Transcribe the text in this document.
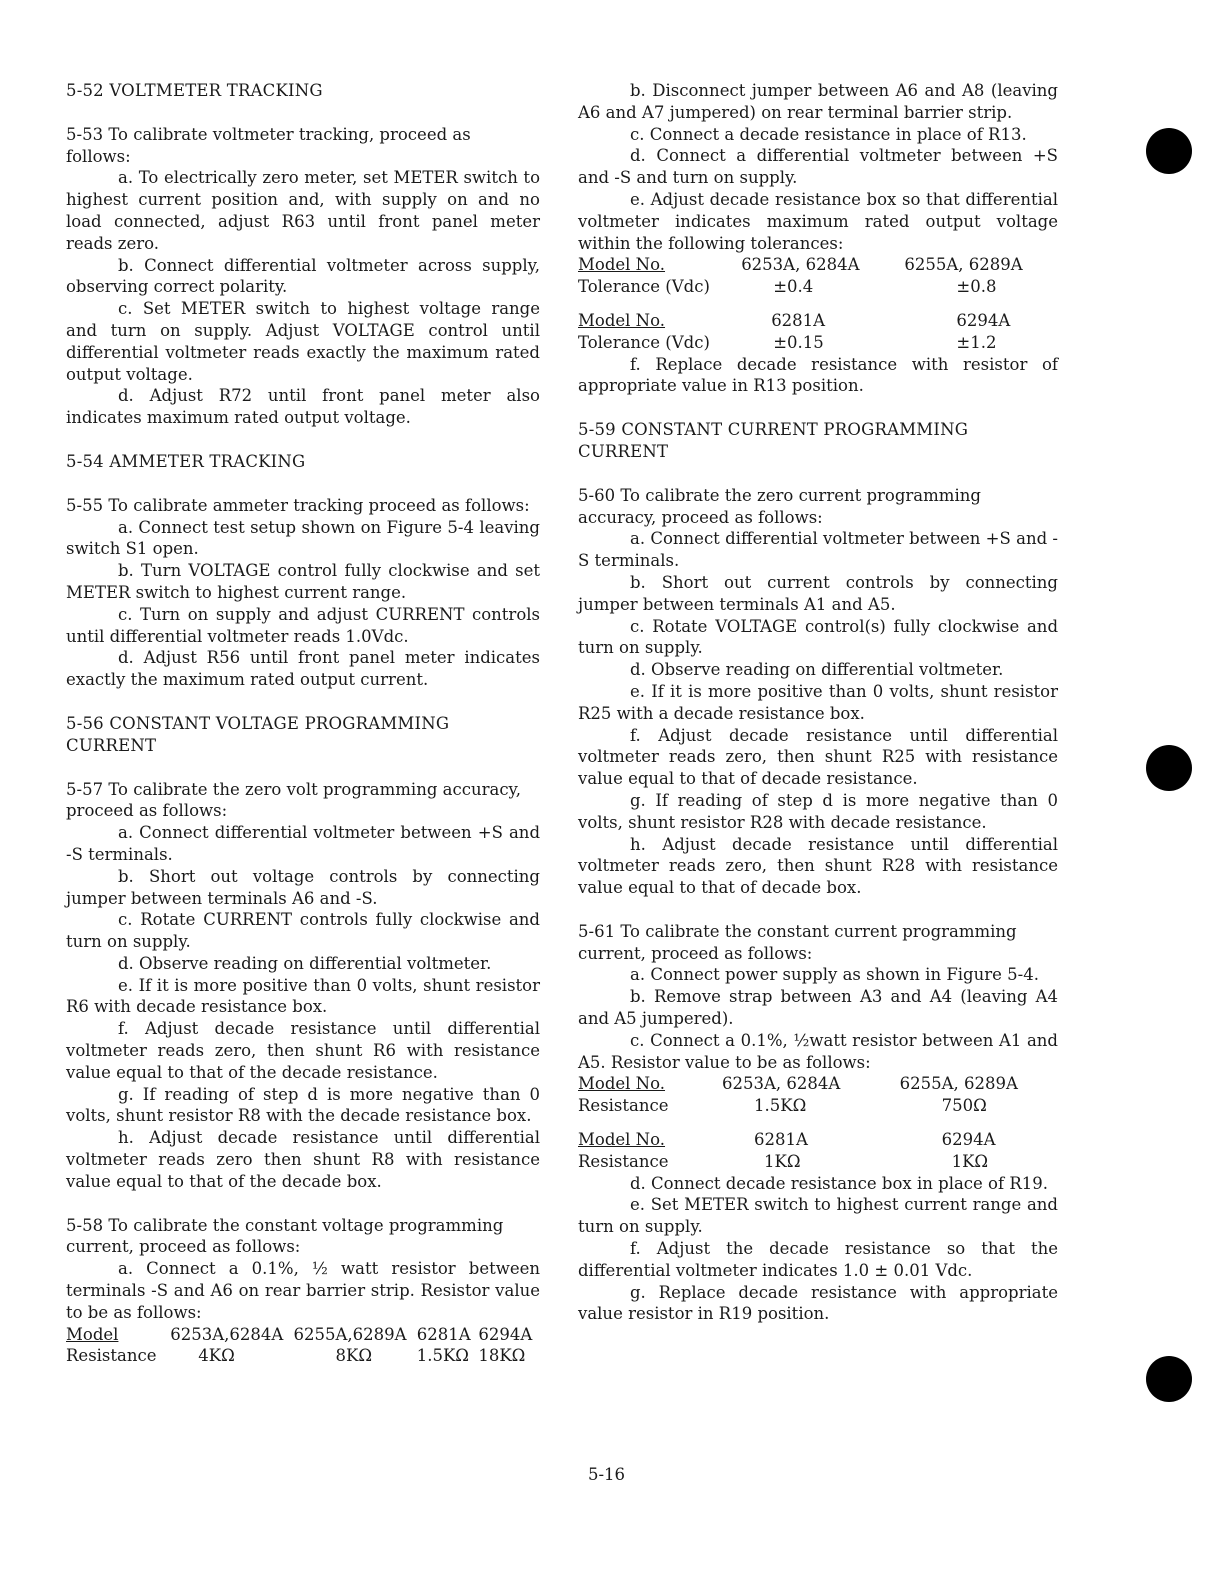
5-52 VOLTMETER TRACKING

5-53 To calibrate voltmeter tracking, proceed as follows:

a. To electrically zero meter, set METER switch to highest current position and, with supply on and no load connected, adjust R63 until front panel meter reads zero.

b. Connect differential voltmeter across supply, observing correct polarity.

c. Set METER switch to highest voltage range and turn on supply. Adjust VOLTAGE control until differential voltmeter reads exactly the maximum rated output voltage.

d. Adjust R72 until front panel meter also indicates maximum rated output voltage.

5-54 AMMETER TRACKING

5-55 To calibrate ammeter tracking proceed as follows:

a. Connect test setup shown on Figure 5-4 leaving switch S1 open.

b. Turn VOLTAGE control fully clockwise and set METER switch to highest current range.

c. Turn on supply and adjust CURRENT controls until differential voltmeter reads 1.0Vdc.

d. Adjust R56 until front panel meter indicates exactly the maximum rated output current.

5-56 CONSTANT VOLTAGE PROGRAMMING CURRENT

5-57 To calibrate the zero volt programming accuracy, proceed as follows:

a. Connect differential voltmeter between +S and -S terminals.

b. Short out voltage controls by connecting jumper between terminals A6 and -S.

c. Rotate CURRENT controls fully clockwise and turn on supply.

d. Observe reading on differential voltmeter.

e. If it is more positive than 0 volts, shunt resistor R6 with decade resistance box.

f. Adjust decade resistance until differential voltmeter reads zero, then shunt R6 with resistance value equal to that of the decade resistance.

g. If reading of step d is more negative than 0 volts, shunt resistor R8 with the decade resistance box.

h. Adjust decade resistance until differential voltmeter reads zero then shunt R8 with resistance value equal to that of the decade box.

5-58 To calibrate the constant voltage programming current, proceed as follows:

a. Connect a 0.1%, ½ watt resistor between terminals -S and A6 on rear barrier strip. Resistor value to be as follows:

Model	6253A,6284A	6255A,6289A	6281A	6294A
Resistance	4KΩ	8KΩ	1.5KΩ	18KΩ

b. Disconnect jumper between A6 and A8 (leaving A6 and A7 jumpered) on rear terminal barrier strip.

c. Connect a decade resistance in place of R13.

d. Connect a differential voltmeter between +S and -S and turn on supply.

e. Adjust decade resistance box so that differential voltmeter indicates maximum rated output voltage within the following tolerances:

Model No.	6253A, 6284A	6255A, 6289A
Tolerance (Vdc)	±0.4	±0.8

Model No.	6281A	6294A
Tolerance (Vdc)	±0.15	±1.2

f. Replace decade resistance with resistor of appropriate value in R13 position.

5-59 CONSTANT CURRENT PROGRAMMING CURRENT

5-60 To calibrate the zero current programming accuracy, proceed as follows:

a. Connect differential voltmeter between +S and -S terminals.

b. Short out current controls by connecting jumper between terminals A1 and A5.

c. Rotate VOLTAGE control(s) fully clockwise and turn on supply.

d. Observe reading on differential voltmeter.

e. If it is more positive than 0 volts, shunt resistor R25 with a decade resistance box.

f. Adjust decade resistance until differential voltmeter reads zero, then shunt R25 with resistance value equal to that of decade resistance.

g. If reading of step d is more negative than 0 volts, shunt resistor R28 with decade resistance.

h. Adjust decade resistance until differential voltmeter reads zero, then shunt R28 with resistance value equal to that of decade box.

5-61 To calibrate the constant current programming current, proceed as follows:

a. Connect power supply as shown in Figure 5-4.

b. Remove strap between A3 and A4 (leaving A4 and A5 jumpered).

c. Connect a 0.1%, ½watt resistor between A1 and A5. Resistor value to be as follows:

Model No.	6253A, 6284A	6255A, 6289A
Resistance	1.5KΩ	750Ω

Model No.	6281A	6294A
Resistance	1KΩ	1KΩ

d. Connect decade resistance box in place of R19.

e. Set METER switch to highest current range and turn on supply.

f. Adjust the decade resistance so that the differential voltmeter indicates 1.0 ± 0.01 Vdc.

g. Replace decade resistance with appropriate value resistor in R19 position.

5-16
